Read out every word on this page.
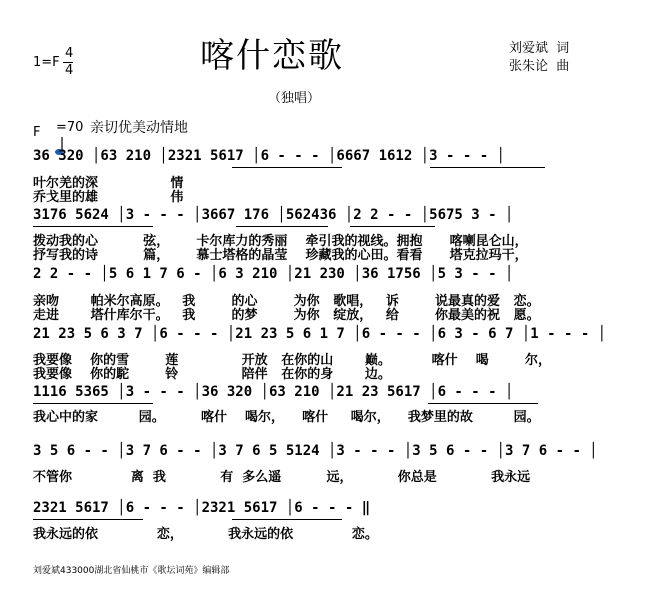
1=F
4
4	喀什恋歌	刘爱斌  词
张朱论  曲
（独唱）
F

=70 亲切优美动情地
36 320 │63 210 │2321 5617 │6 - - - │6667 1612 │3 - - - │
叶尔羌的深                情
乔戈里的雄                伟
3176 5624 │3 - - - │3667 176 │562436 │2 2 - - │5675 3 - │
拨动我的心          弦，      卡尔库力的秀丽    牵引我的视线。拥抱      喀喇昆仑山，
抒写我的诗          篇，      慕士塔格的晶莹    珍藏我的心田。看看      塔克拉玛干，
2 2 - - │5 6 1 7 6 - │6 3 210 │21 230 │36 1756 │5 3 - - │
亲吻       帕米尔高原。   我        的心        为你   歌唱，   诉        说最真的爱   恋。
走进       塔什库尔干。   我        的梦        为你   绽放，   给        你最美的祝   愿。
21 23 5 6 3 7 │6 - - - │21 23 5 6 1 7 │6 - - - │6 3 - 6 7 │1 - - - │
我要像    你的雪        莲              开放   在你的山       巅。         喀什    喝        尔，
我要像    你的駝        铃              陪伴   在你的身       边。
1116 5365 │3 - - - │36 320 │63 210 │21 23 5617 │6 - - - │
我心中的家         园。        喀什    喝尔，    喀什     喝尔，    我梦里的故         园。
3 5 6 - - │3 7 6 - - │3 7 6 5 5124 │3 - - - │3 5 6 - - │3 7 6 - - │
不管你             离  我            有  多么遥          远，          你总是            我永远
2321 5617 │6 - - - │2321 5617 │6 - - - ‖
我永远的依             恋，          我永远的依             恋。
刘爱斌433000湖北省仙桃市《歌坛词苑》编辑部
